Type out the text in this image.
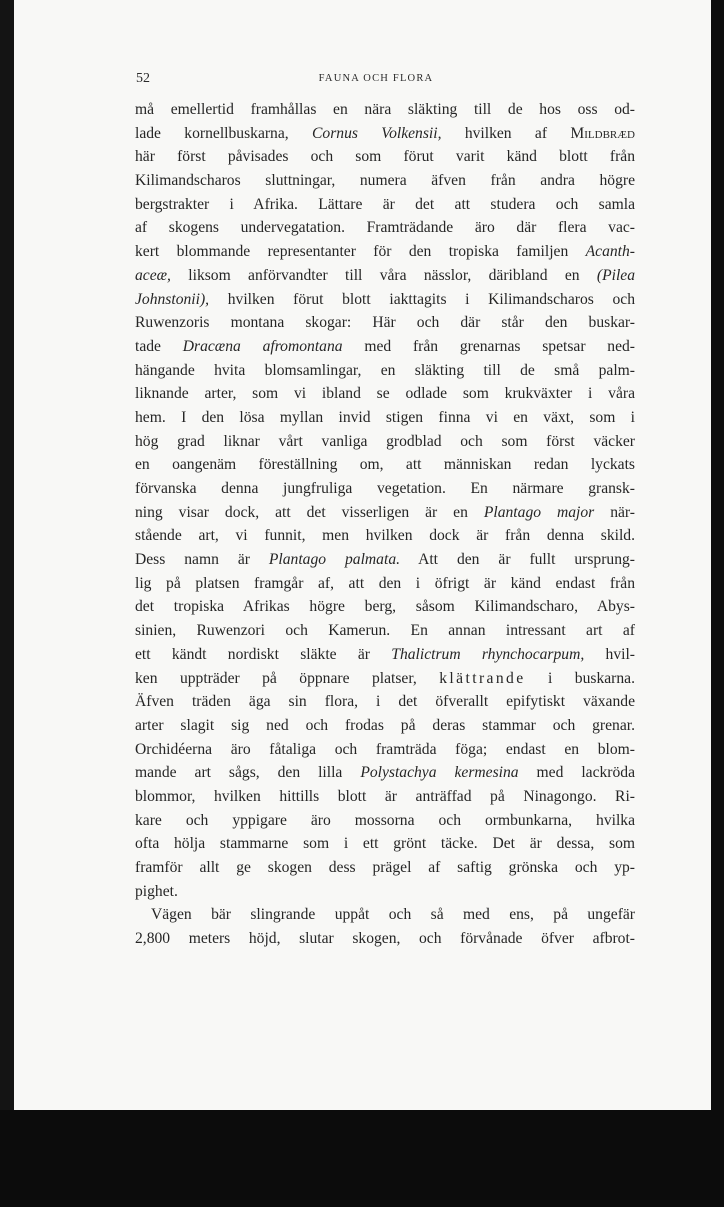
52	FAUNA OCH FLORA
må emellertid framhållas en nära släkting till de hos oss od-
lade kornellbuskarna, Cornus Volkensii, hvilken af Mildbræd
här först påvisades och som förut varit känd blott från
Kilimandscharos sluttningar, numera äfven från andra högre
bergstrakter i Afrika. Lättare är det att studera och samla
af skogens undervegatation. Framträdande äro där flera vac-
kert blommande representanter för den tropiska familjen Acanth-
aceæ, liksom anförvandter till våra nässlor, däribland en (Pilea
Johnstonii), hvilken förut blott iakttagits i Kilimandscharos och
Ruwenzoris montana skogar: Här och där står den buskar-
tade Dracæna afromontana med från grenarnas spetsar ned-
hängande hvita blomsamlingar, en släkting till de små palm-
liknande arter, som vi ibland se odlade som krukväxter i våra
hem. I den lösa myllan invid stigen finna vi en växt, som i
hög grad liknar vårt vanliga grodblad och som först väcker
en oangenäm föreställning om, att människan redan lyckats
förvanska denna jungfruliga vegetation. En närmare gransk-
ning visar dock, att det visserligen är en Plantago major när-
stående art, vi funnit, men hvilken dock är från denna skild.
Dess namn är Plantago palmata. Att den är fullt ursprung-
lig på platsen framgår af, att den i öfrigt är känd endast från
det tropiska Afrikas högre berg, såsom Kilimandscharo, Abys-
sinien, Ruwenzori och Kamerun. En annan intressant art af
ett kändt nordiskt släkte är Thalictrum rhynchocarpum, hvil-
ken uppträder på öppnare platser, klättrande i buskarna.
Äfven träden äga sin flora, i det öfverallt epifytiskt växande
arter slagit sig ned och frodas på deras stammar och grenar.
Orchidéerna äro fåtaliga och framträda föga; endast en blom-
mande art sågs, den lilla Polystachya kermesina med lackröda
blommor, hvilken hittills blott är anträffad på Ninagongo. Ri-
kare och yppigare äro mossorna och ormbunkarna, hvilka
ofta hölja stammarne som i ett grönt täcke. Det är dessa, som
framför allt ge skogen dess prägel af saftig grönska och yp-
pighet.
Vägen bär slingrande uppåt och så med ens, på ungefär
2,800 meters höjd, slutar skogen, och förvånade öfver afbrot-
